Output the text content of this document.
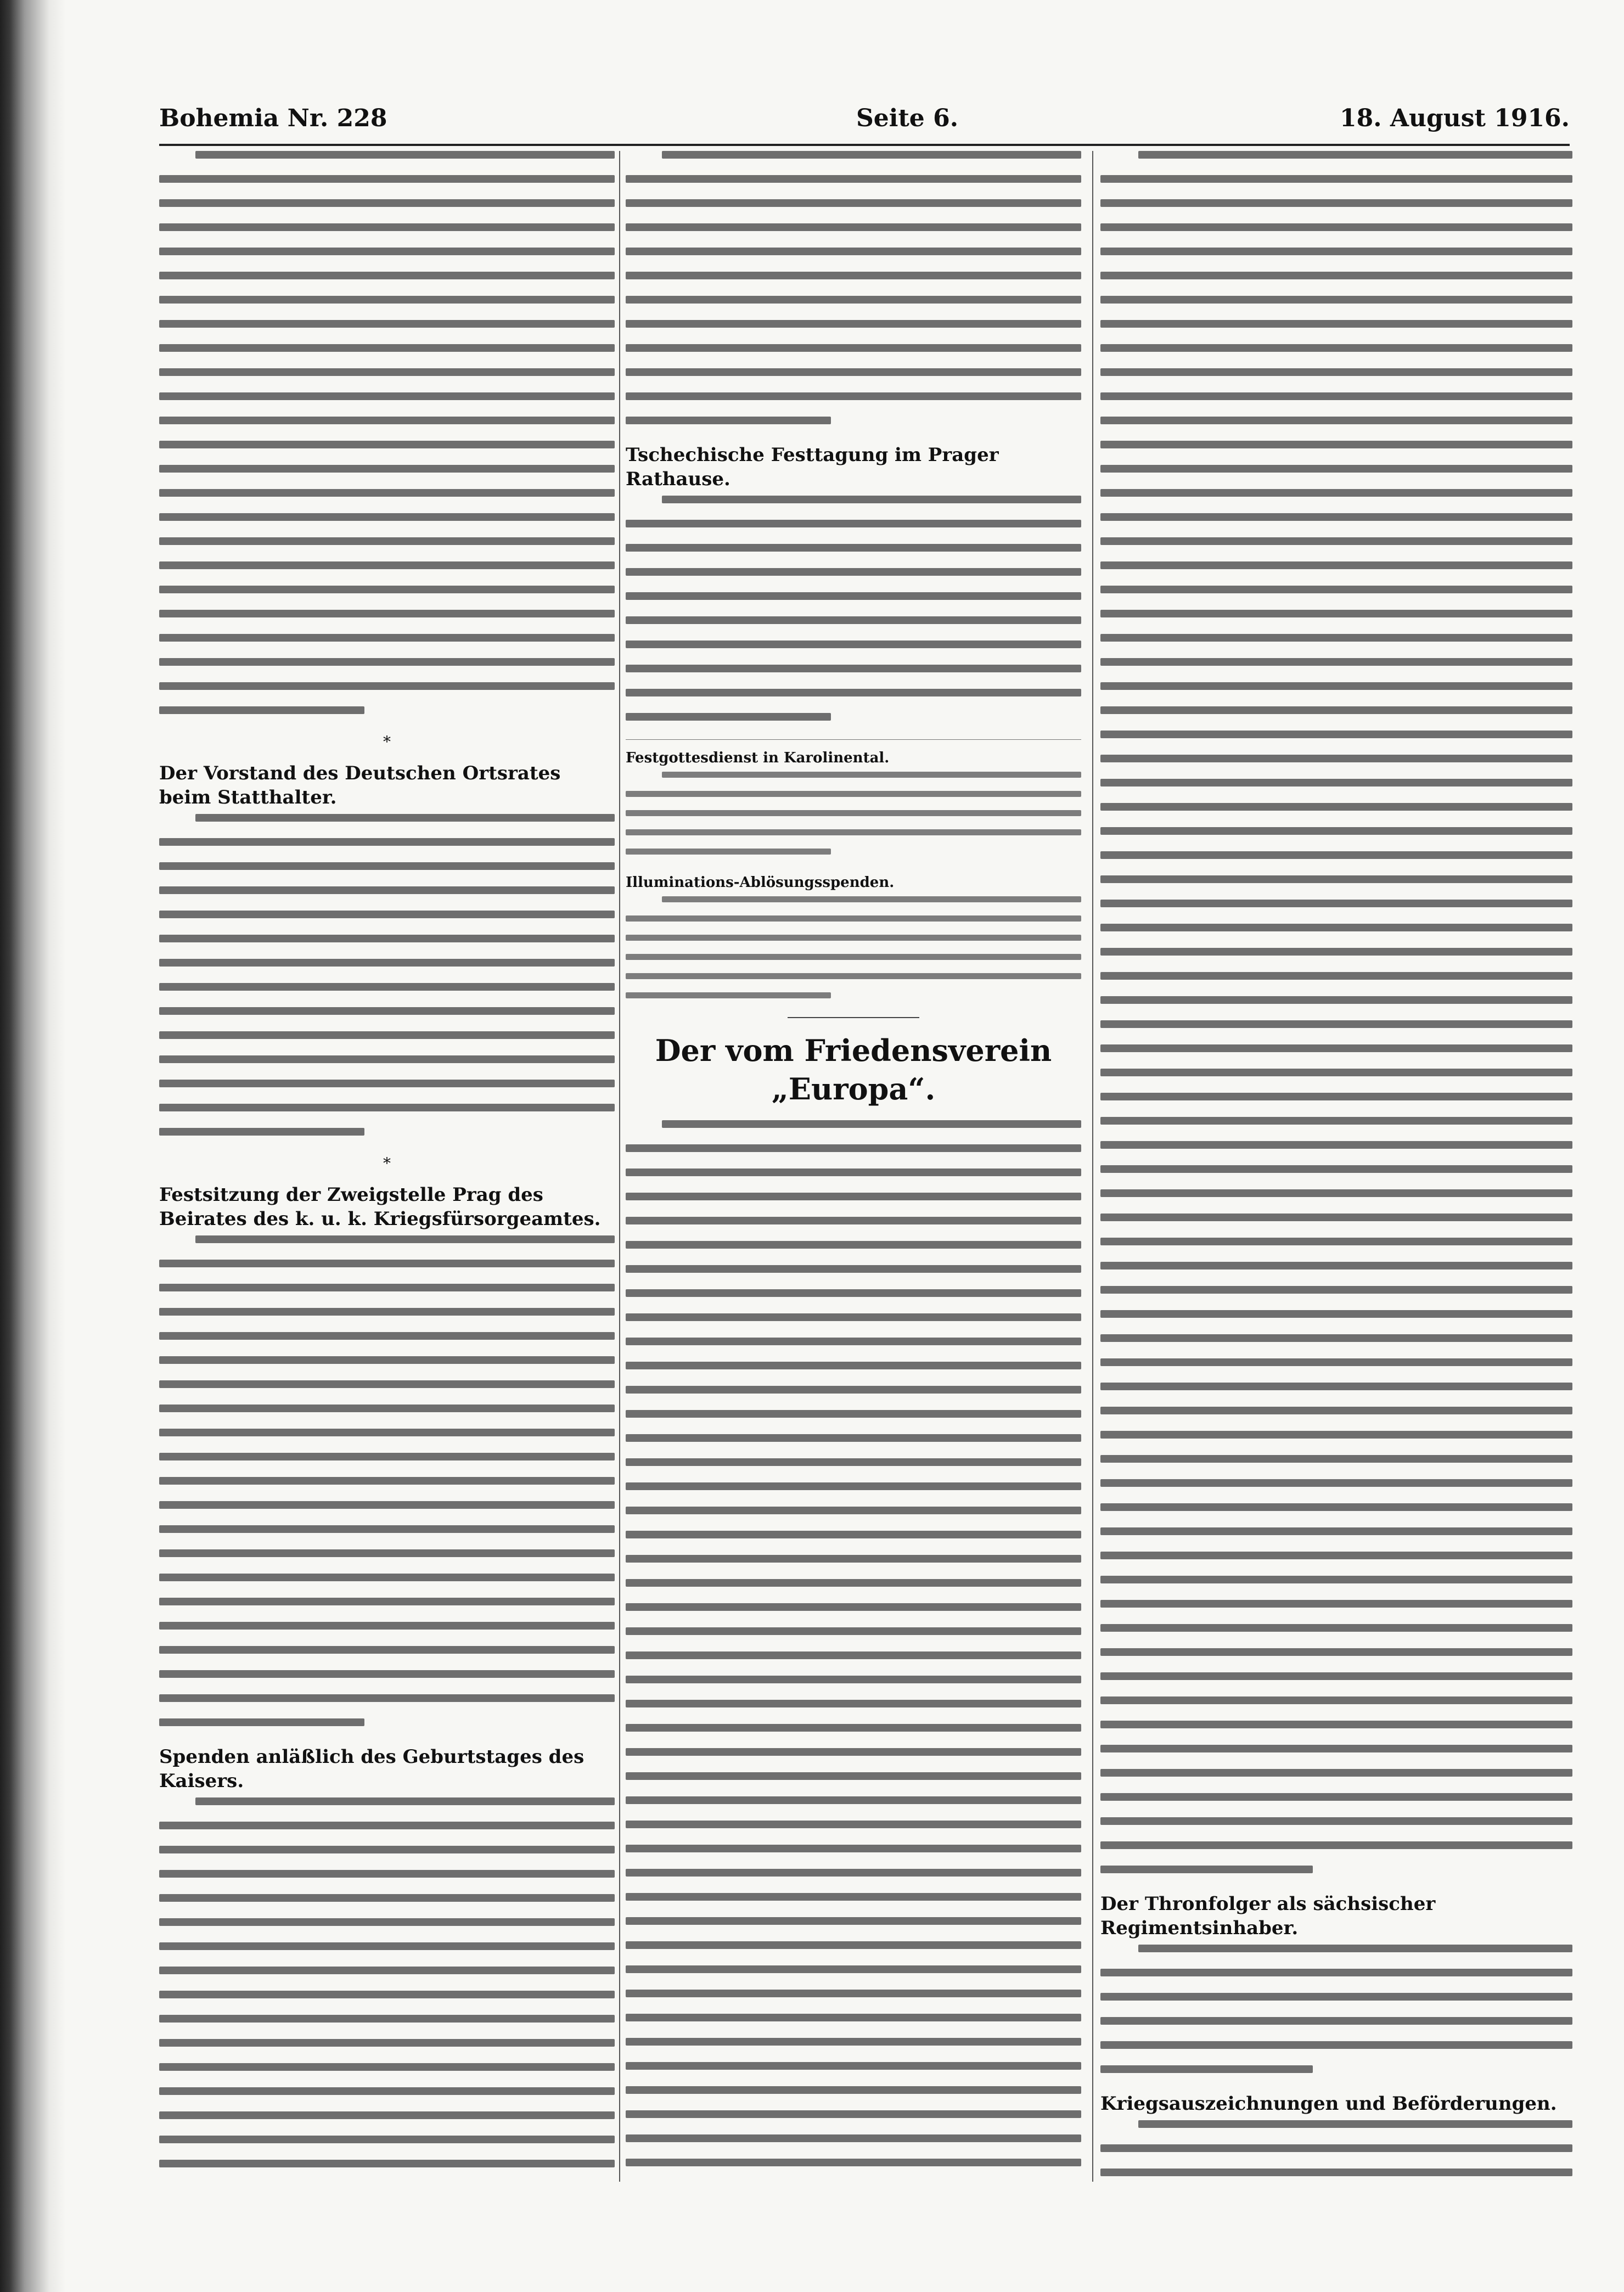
Bohemia Nr. 228	Seite 6.	18. August 1916.
*
Der Vorstand des Deutschen Ortsrates beim Statthalter.
*
Festsitzung der Zweigstelle Prag des Beirates des k. u. k. Kriegsfürsorgeamtes.
Spenden anläßlich des Geburtstages des Kaisers.
Tschechische Festtagung im Prager Rathause.
Festgottesdienst in Karolinental.
Illuminations-Ablösungsspenden.
Der vom Friedensverein „Europa“.
Der Thronfolger als sächsischer Regimentsinhaber.
Kriegsauszeichnungen und Beförderungen.
